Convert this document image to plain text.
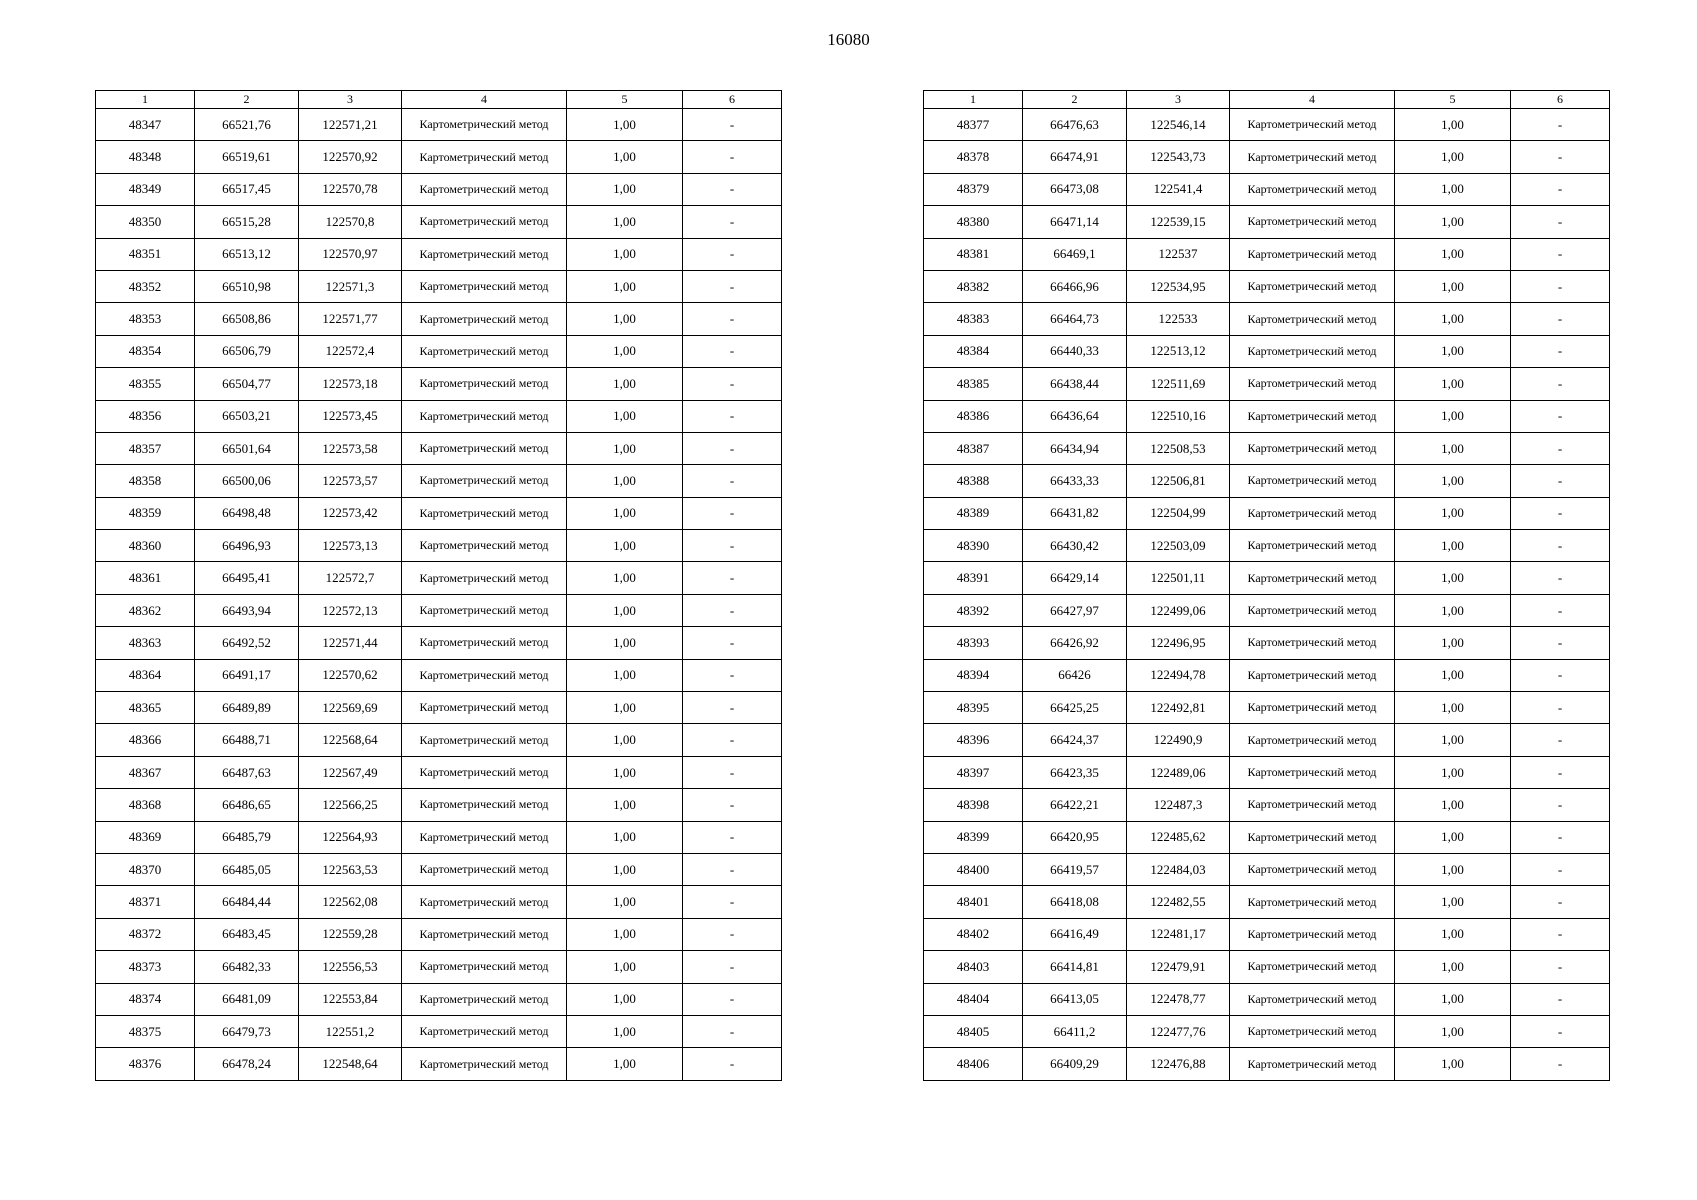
16080
1	2	3	4	5	6
48347	66521,76	122571,21	Картометрический метод	1,00	-
48348	66519,61	122570,92	Картометрический метод	1,00	-
48349	66517,45	122570,78	Картометрический метод	1,00	-
48350	66515,28	122570,8	Картометрический метод	1,00	-
48351	66513,12	122570,97	Картометрический метод	1,00	-
48352	66510,98	122571,3	Картометрический метод	1,00	-
48353	66508,86	122571,77	Картометрический метод	1,00	-
48354	66506,79	122572,4	Картометрический метод	1,00	-
48355	66504,77	122573,18	Картометрический метод	1,00	-
48356	66503,21	122573,45	Картометрический метод	1,00	-
48357	66501,64	122573,58	Картометрический метод	1,00	-
48358	66500,06	122573,57	Картометрический метод	1,00	-
48359	66498,48	122573,42	Картометрический метод	1,00	-
48360	66496,93	122573,13	Картометрический метод	1,00	-
48361	66495,41	122572,7	Картометрический метод	1,00	-
48362	66493,94	122572,13	Картометрический метод	1,00	-
48363	66492,52	122571,44	Картометрический метод	1,00	-
48364	66491,17	122570,62	Картометрический метод	1,00	-
48365	66489,89	122569,69	Картометрический метод	1,00	-
48366	66488,71	122568,64	Картометрический метод	1,00	-
48367	66487,63	122567,49	Картометрический метод	1,00	-
48368	66486,65	122566,25	Картометрический метод	1,00	-
48369	66485,79	122564,93	Картометрический метод	1,00	-
48370	66485,05	122563,53	Картометрический метод	1,00	-
48371	66484,44	122562,08	Картометрический метод	1,00	-
48372	66483,45	122559,28	Картометрический метод	1,00	-
48373	66482,33	122556,53	Картометрический метод	1,00	-
48374	66481,09	122553,84	Картометрический метод	1,00	-
48375	66479,73	122551,2	Картометрический метод	1,00	-
48376	66478,24	122548,64	Картометрический метод	1,00	-
1	2	3	4	5	6
48377	66476,63	122546,14	Картометрический метод	1,00	-
48378	66474,91	122543,73	Картометрический метод	1,00	-
48379	66473,08	122541,4	Картометрический метод	1,00	-
48380	66471,14	122539,15	Картометрический метод	1,00	-
48381	66469,1	122537	Картометрический метод	1,00	-
48382	66466,96	122534,95	Картометрический метод	1,00	-
48383	66464,73	122533	Картометрический метод	1,00	-
48384	66440,33	122513,12	Картометрический метод	1,00	-
48385	66438,44	122511,69	Картометрический метод	1,00	-
48386	66436,64	122510,16	Картометрический метод	1,00	-
48387	66434,94	122508,53	Картометрический метод	1,00	-
48388	66433,33	122506,81	Картометрический метод	1,00	-
48389	66431,82	122504,99	Картометрический метод	1,00	-
48390	66430,42	122503,09	Картометрический метод	1,00	-
48391	66429,14	122501,11	Картометрический метод	1,00	-
48392	66427,97	122499,06	Картометрический метод	1,00	-
48393	66426,92	122496,95	Картометрический метод	1,00	-
48394	66426	122494,78	Картометрический метод	1,00	-
48395	66425,25	122492,81	Картометрический метод	1,00	-
48396	66424,37	122490,9	Картометрический метод	1,00	-
48397	66423,35	122489,06	Картометрический метод	1,00	-
48398	66422,21	122487,3	Картометрический метод	1,00	-
48399	66420,95	122485,62	Картометрический метод	1,00	-
48400	66419,57	122484,03	Картометрический метод	1,00	-
48401	66418,08	122482,55	Картометрический метод	1,00	-
48402	66416,49	122481,17	Картометрический метод	1,00	-
48403	66414,81	122479,91	Картометрический метод	1,00	-
48404	66413,05	122478,77	Картометрический метод	1,00	-
48405	66411,2	122477,76	Картометрический метод	1,00	-
48406	66409,29	122476,88	Картометрический метод	1,00	-
